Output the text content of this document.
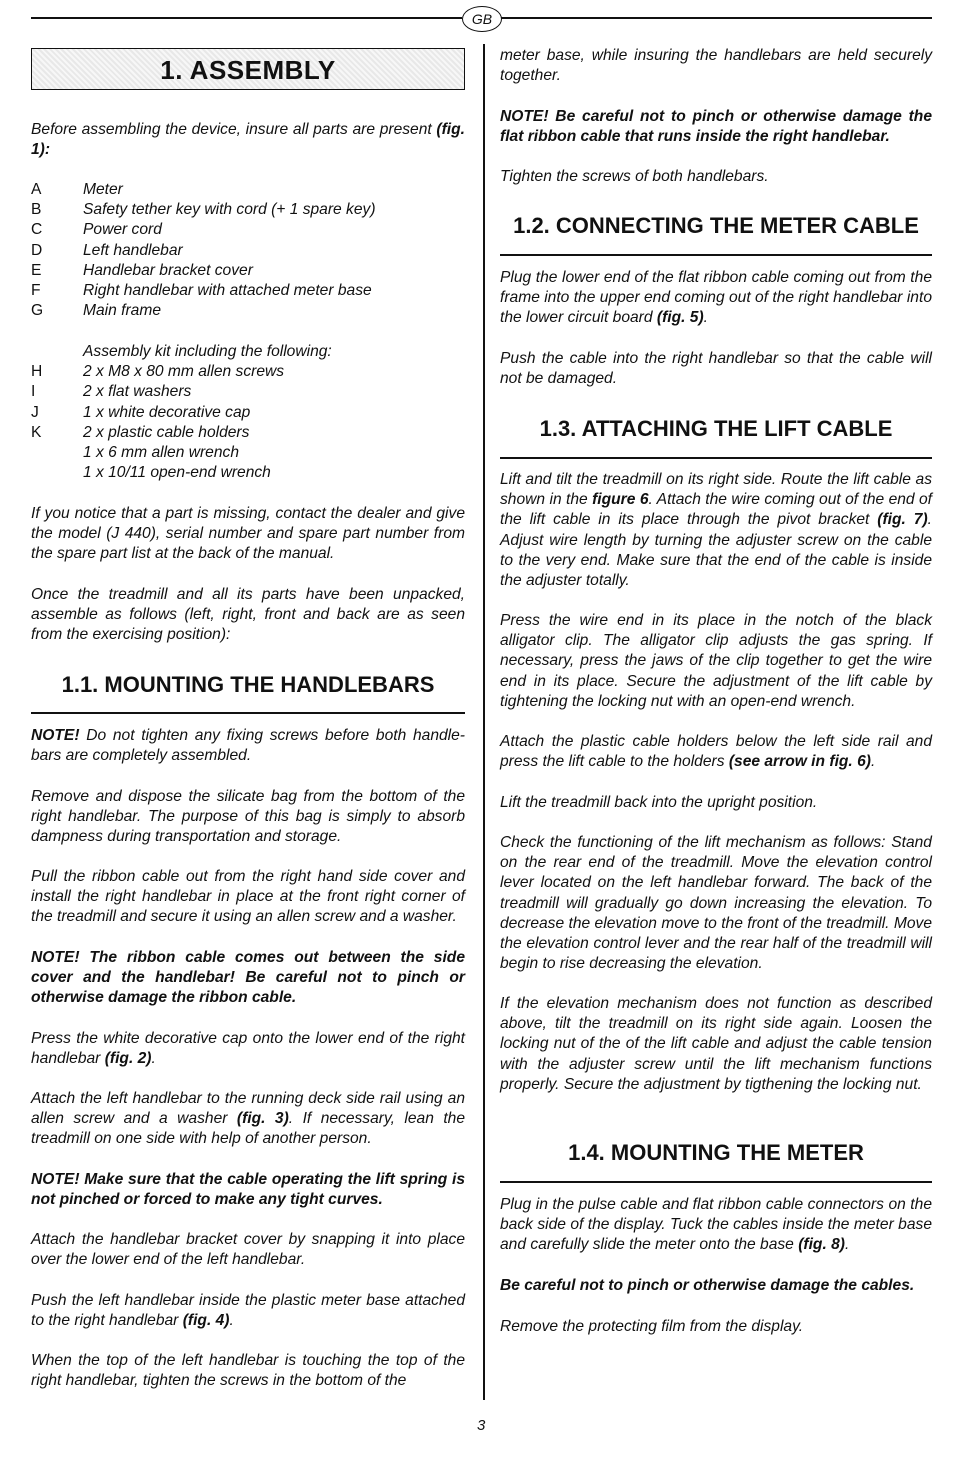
GB
1. ASSEMBLY

Before assembling the device, insure all parts are present (fig. 1):

A	Meter
B	Safety tether key with cord (+ 1 spare key)
C	Power cord
D	Left handlebar
E	Handlebar bracket cover
F	Right handlebar with attached meter base
G	Main frame
Assembly kit including the following:
H	2 x M8 x 80 mm allen screws
I	2 x flat washers
J	1 x white decorative cap
K	2 x plastic cable holders
1 x 6 mm allen wrench
1 x 10/11 open-end wrench

If you notice that a part is missing, contact the dealer and give the model (J 440), serial number and spare part number from the spare part list at the back of the manual.

Once the treadmill and all its parts have been unpacked, assemble as follows (left, right, front and back are as seen from the exercising position):

1.1. MOUNTING THE HANDLEBARS

NOTE! Do not tighten any fixing screws before both handle-bars are completely assembled.

Remove and dispose the silicate bag from the bottom of the right handlebar. The purpose of this bag is simply to absorb dampness during transportation and storage.

Pull the ribbon cable out from the right hand side cover and install the right handlebar in place at the front right corner of the treadmill and secure it using an allen screw and a washer.

NOTE! The ribbon cable comes out between the side cover and the handlebar! Be careful not to pinch or otherwise damage the ribbon cable.

Press the white decorative cap onto the lower end of the right handlebar (fig. 2).

Attach the left handlebar to the running deck side rail using an allen screw and a washer (fig. 3). If necessary, lean the treadmill on one side with help of another person.

NOTE! Make sure that the cable operating the lift spring is not pinched or forced to make any tight curves.

Attach the handlebar bracket cover by snapping it into place over the lower end of the left handlebar.

Push the left handlebar inside the plastic meter base attached to the right handlebar (fig. 4).

When the top of the left handlebar is touching the top of the right handlebar, tighten the screws in the bottom of the

meter base, while insuring the handlebars are held securely together.

NOTE! Be careful not to pinch or otherwise damage the flat ribbon cable that runs inside the right handlebar.

Tighten the screws of both handlebars.

1.2. CONNECTING THE METER CABLE

Plug the lower end of the flat ribbon cable coming out from the frame into the upper end coming out of the right handlebar into the lower circuit board (fig. 5).

Push the cable into the right handlebar so that the cable will not be damaged.

1.3. ATTACHING THE LIFT CABLE

Lift and tilt the treadmill on its right side. Route the lift cable as shown in the figure 6. Attach the wire coming out of the end of the lift cable in its place through the pivot bracket (fig. 7). Adjust wire length by turning the adjuster screw on the cable to the very end. Make sure that the end of the cable is inside the adjuster totally.

Press the wire end in its place in the notch of the black alligator clip. The alligator clip adjusts the gas spring. If necessary, press the jaws of the clip together to get the wire end in its place. Secure the adjustment of the lift cable by tightening the locking nut with an open-end wrench.

Attach the plastic cable holders below the left side rail and press the lift cable to the holders (see arrow in fig. 6).

Lift the treadmill back into the upright position.

Check the functioning of the lift mechanism as follows: Stand on the rear end of the treadmill. Move the elevation control lever located on the left handlebar forward. The back of the treadmill will gradually go down increasing the elevation. To decrease the elevation move to the front of the treadmill. Move the elevation control lever and the rear half of the treadmill will begin to rise decreasing the elevation.

If the elevation mechanism does not function as described above, tilt the treadmill on its right side again. Loosen the locking nut of the of the lift cable and adjust the cable tension with the adjuster screw until the lift mechanism functions properly. Secure the adjustment by tigthening the locking nut.

1.4. MOUNTING THE METER

Plug in the pulse cable and flat ribbon cable connectors on the back side of the display. Tuck the cables inside the meter base and carefully slide the meter onto the base (fig. 8).

Be careful not to pinch or otherwise damage the cables.

Remove the protecting film from the display.

3
